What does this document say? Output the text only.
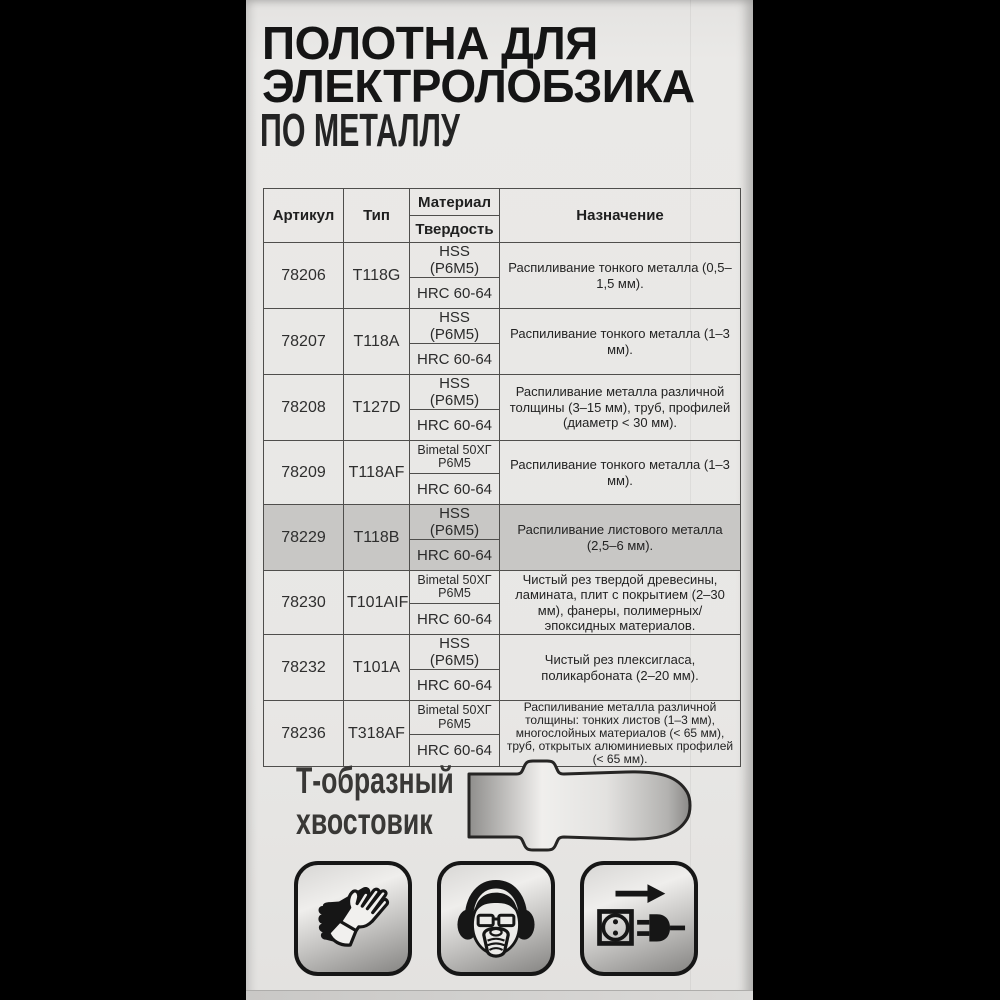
ПОЛОТНА ДЛЯ
ЭЛЕКТРОЛОБЗИКА
ПО МЕТАЛЛУ
Артикул	Тип	Материал	Назначение
		Твердость	
78206	T118G	HSS (P6M5)	Распиливание тонкого металла (0,5–1,5 мм).
		HRC 60-64	
78207	T118A	HSS (P6M5)	Распиливание тонкого металла (1–3 мм).
		HRC 60-64	
78208	T127D	HSS (P6M5)	Распиливание металла различной толщины (3–15 мм), труб, профилей (диаметр < 30 мм).
		HRC 60-64	
78209	T118AF	Bimetal 50ХГ Р6М5	Распиливание тонкого металла (1–3 мм).
		HRC 60-64	
78229	T118B	HSS (P6M5)	Распиливание листового металла (2,5–6 мм).
		HRC 60-64	
78230	T101AIF	Bimetal 50ХГ Р6М5	Чистый рез твердой древесины, ламината, плит с покрытием (2–30 мм), фанеры, полимерных/ эпоксидных материалов.
		HRC 60-64	
78232	T101A	HSS (P6M5)	Чистый рез плексигласа, поликарбоната (2–20 мм).
		HRC 60-64	
78236	T318AF	Bimetal 50ХГ Р6М5	Распиливание металла различной толщины: тонких листов (1–3 мм), многослойных материалов (< 65 мм), труб, открытых алюминиевых профилей (< 65 мм).
		HRC 60-64	
Т-образный
хвостовик
